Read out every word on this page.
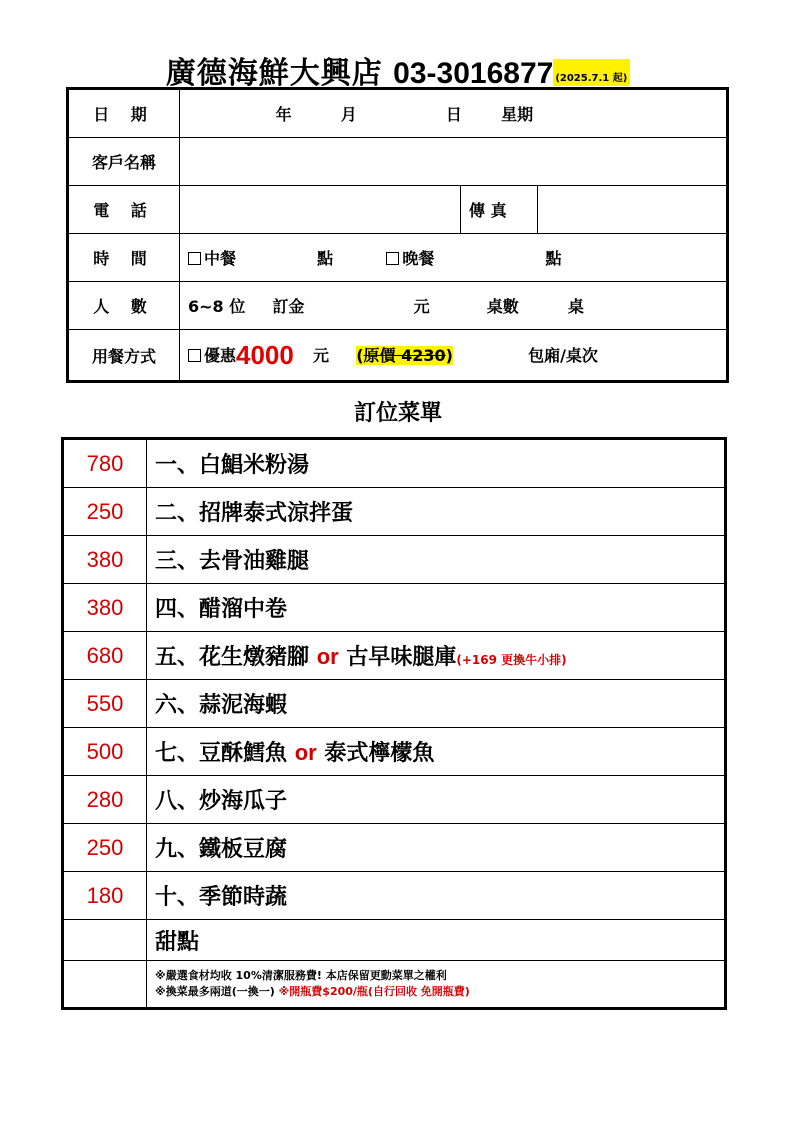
廣德海鮮大興店 03-3016877 (2025.7.1 起)
日 期	年 月 日 星期		
客戶名稱			
電 話		傳 真	
時 間	中餐 點 晚餐 點		
人 數	6~8 位 訂金 元 桌數 桌		
用餐方式	優惠4000 元 (原價 4230) 包廂/桌次		
訂位菜單
780	一、白鯧米粉湯
250	二、招牌泰式涼拌蛋
380	三、去骨油雞腿
380	四、醋溜中卷
680	五、花生燉豬腳 or 古早味腿庫(+169 更換牛小排)
550	六、蒜泥海蝦
500	七、豆酥鱈魚 or 泰式檸檬魚
280	八、炒海瓜子
250	九、鐵板豆腐
180	十、季節時蔬
	甜點

	※嚴選食材均收 10%清潔服務費! 本店保留更動菜單之權利
※換菜最多兩道(一換一) ※開瓶費$200/瓶(自行回收 免開瓶費)
